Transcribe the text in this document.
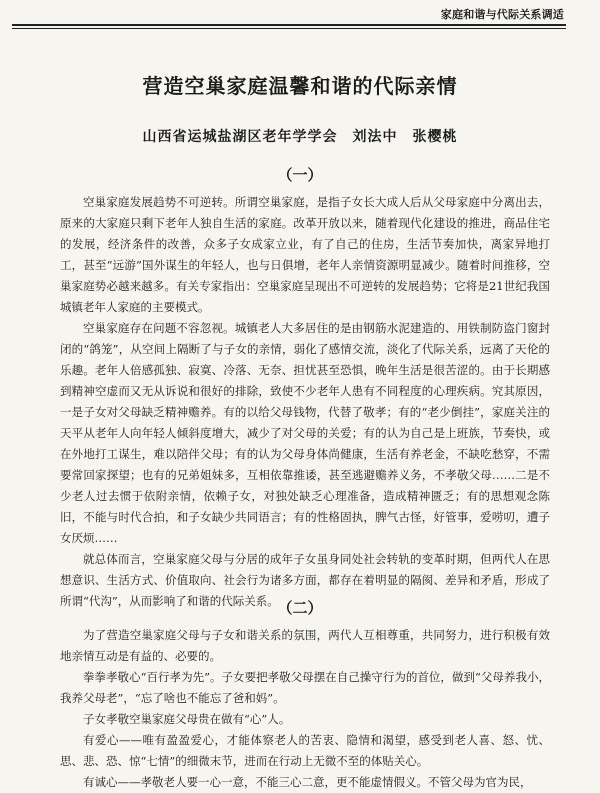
家庭和谐与代际关系调适
营造空巢家庭温馨和谐的代际亲情
山西省运城盐湖区老年学学会　刘法中　张樱桃
（一）

空巢家庭发展趋势不可逆转。所谓空巢家庭，是指子女长大成人后从父母家庭中分离出去，原来的大家庭只剩下老年人独自生活的家庭。改革开放以来，随着现代化建设的推进，商品住宅的发展，经济条件的改善，众多子女成家立业，有了自己的住房，生活节奏加快，离家异地打工，甚至“远游”国外谋生的年轻人，也与日俱增，老年人亲情资源明显减少。随着时间推移，空巢家庭势必越来越多。有关专家指出：空巢家庭呈现出不可逆转的发展趋势；它将是21世纪我国城镇老年人家庭的主要模式。

空巢家庭存在问题不容忽视。城镇老人大多居住的是由钢筋水泥建造的、用铁制防盗门窗封闭的“鸽笼”，从空间上隔断了与子女的亲情，弱化了感情交流，淡化了代际关系，远离了天伦的乐趣。老年人倍感孤独、寂寞、冷落、无奈、担忧甚至恐惧，晚年生活是很苦涩的。由于长期感到精神空虚而又无从诉说和很好的排除，致使不少老年人患有不同程度的心理疾病。究其原因，一是子女对父母缺乏精神赡养。有的以给父母钱物，代替了敬孝；有的“老少倒挂”，家庭关注的天平从老年人向年轻人倾斜度增大，减少了对父母的关爱；有的认为自己是上班族，节奏快，或在外地打工谋生，难以陪伴父母；有的认为父母身体尚健康，生活有养老金，不缺吃愁穿，不需要常回家探望；也有的兄弟姐妹多，互相依靠推诿，甚至逃避赡养义务，不孝敬父母……二是不少老人过去惯于依附亲情，依赖子女，对独处缺乏心理准备，造成精神匮乏；有的思想观念陈旧，不能与时代合拍，和子女缺少共同语言；有的性格固执，脾气古怪，好管事，爱唠叨，遭子女厌烦……

就总体而言，空巢家庭父母与分居的成年子女虽身同处社会转轨的变革时期，但两代人在思想意识、生活方式、价值取向、社会行为诸多方面，都存在着明显的隔阂、差异和矛盾，形成了所谓“代沟”，从而影响了和谐的代际关系。

（二）

为了营造空巢家庭父母与子女和谐关系的氛围，两代人互相尊重，共同努力，进行积极有效地亲情互动是有益的、必要的。

拳拳孝敬心“百行孝为先”。子女要把孝敬父母摆在自己操守行为的首位，做到“父母养我小，我养父母老”，“忘了啥也不能忘了爸和妈”。

子女孝敬空巢家庭父母贵在做有“心”人。

有爱心——唯有盈盈爱心，才能体察老人的苦衷、隐情和渴望，感受到老人喜、怒、忧、思、悲、恐、惊“七情”的细微末节，进而在行动上无微不至的体贴关心。

有诚心——孝敬老人要一心一意，不能三心二意，更不能虚情假义。不管父母为官为民，
